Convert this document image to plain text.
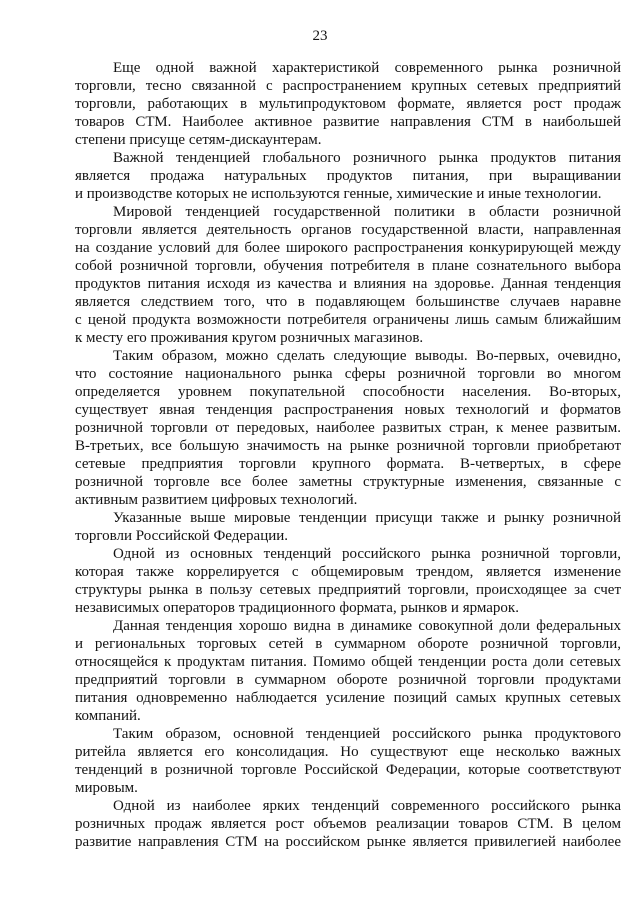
23
Еще одной важной характеристикой современного рынка розничной
торговли, тесно связанной с распространением крупных сетевых предприятий
торговли, работающих в мультипродуктовом формате, является рост продаж
товаров СТМ. Наиболее активное развитие направления СТМ в наибольшей
степени присуще сетям-дискаунтерам.
Важной тенденцией глобального розничного рынка продуктов питания
является продажа натуральных продуктов питания, при выращивании
и производстве которых не используются генные, химические и иные технологии.
Мировой тенденцией государственной политики в области розничной
торговли является деятельность органов государственной власти, направленная
на создание условий для более широкого распространения конкурирующей между
собой розничной торговли, обучения потребителя в плане сознательного выбора
продуктов питания исходя из качества и влияния на здоровье. Данная тенденция
является следствием того, что в подавляющем большинстве случаев наравне
с ценой продукта возможности потребителя ограничены лишь самым ближайшим
к месту его проживания кругом розничных магазинов.
Таким образом, можно сделать следующие выводы. Во-первых, очевидно,
что состояние национального рынка сферы розничной торговли во многом
определяется уровнем покупательной способности населения. Во-вторых,
существует явная тенденция распространения новых технологий и форматов
розничной торговли от передовых, наиболее развитых стран, к менее развитым.
В-третьих, все большую значимость на рынке розничной торговли приобретают
сетевые предприятия торговли крупного формата. В-четвертых, в сфере
розничной торговле все более заметны структурные изменения, связанные с
активным развитием цифровых технологий.
Указанные выше мировые тенденции присущи также и рынку розничной
торговли Российской Федерации.
Одной из основных тенденций российского рынка розничной торговли,
которая также коррелируется с общемировым трендом, является изменение
структуры рынка в пользу сетевых предприятий торговли, происходящее за счет
независимых операторов традиционного формата, рынков и ярмарок.
Данная тенденция хорошо видна в динамике совокупной доли федеральных
и региональных торговых сетей в суммарном обороте розничной торговли,
относящейся к продуктам питания. Помимо общей тенденции роста доли сетевых
предприятий торговли в суммарном обороте розничной торговли продуктами
питания одновременно наблюдается усиление позиций самых крупных сетевых
компаний.
Таким образом, основной тенденцией российского рынка продуктового
ритейла является его консолидация. Но существуют еще несколько важных
тенденций в розничной торговле Российской Федерации, которые соответствуют
мировым.
Одной из наиболее ярких тенденций современного российского рынка
розничных продаж является рост объемов реализации товаров СТМ. В целом
развитие направления СТМ на российском рынке является привилегией наиболее
